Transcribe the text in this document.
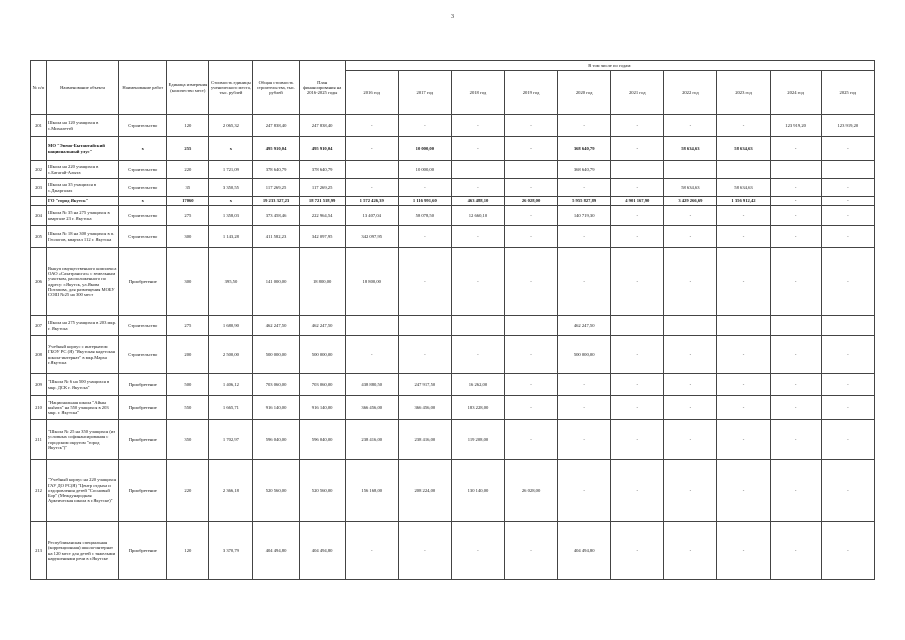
3
№ п/п	Наименование объекта	Наименование работ	Единица измерения (количество мест)	Стоимость единицы ученического места, тыс. рублей	Общая стоимость строительства, тыс. рублей	План финансирования на 2016-2025 годы	В том числе по годам:									
							2016 год	2017 год	2018 год	2019 год	2020 год	2021 год	2022 год	2023 год	2024 год	2025 год
201	Школа на 120 учащихся в с.Михалеттй	Строительство	120	2 065,32	247 838,40	247 838,40	-	-	-	-	-	-	-	-	123 919,20	123 919,20
	МО "Эвено-Бытантайский национальный улус"	x	255	x	495 910,04	495 910,04	-	10 000,00	-	-	368 640,79	-	58 634,63	58 634,63	-	-
202	Школа на 220 учащихся в с.Батагай-Алыта	Строительство	220	1 721,09	378 640,79	378 640,79		10 000,00			368 640,79					
203	Школа на 35 учащихся в с.Джаргалах	Строительство	35	3 350,55	117 269,25	117 269,25	-	-	-	-	-	-	58 634,63	58 634,63	-	-
	ГО "город Якутск"	x	17060	x	19 233 327,23	18 721 518,99	1 572 426,39	1 116 991,60	463 488,10	26 028,00	5 955 827,89	4 901 167,90	3 429 266,69	1 356 912,42	-	-
204	Школа № 35 на 275 учащихся в квартале 23 г. Якутска	Строительство	275	1 358,03	373 458,46	222 964,54	13 407,04	58 078,50	12 660,10	-	140 719,30	-	-	-	-	-
205	Школа № 18 на 300 учащихся в п. Геологов, квартал 112 г. Якутска	Строительство	300	1 143,28	411 582,23	342 097,95	342 097,95	-	-	-	-	-	-	-	-	-
206	Выкуп имущественного комплекса ОАО «Сахатрансгаз» с земельным участком, расположенного по адресу: г.Якутск, ул.Якова Потапова, для размещения МОБУ СОШ №25 на 300 мест	Приобретение	300	395,50	141 000,00	18 800,00	18 800,00	-	-	-	-	-	-	-	-	-
207	Школа на 275 учащихся в 203 мкр. г. Якутска	Строительство	275	1 680,90	462 247,50	462 247,50					462 247,50					
208	Учебный корпус с интернатом ГБОУ РС (Я) "Якутская кадетская школа-интернат" в мкр.Марха г.Якутска	Строительство	200	2 500,00	500 000,00	500 000,00	-	-	-	-	500 000,00	-	-	-	-	-
209	"Школа № 6 на 500 учащихся в мкр. ДСК г. Якутска"	Приобретение	500	1 406,12	703 060,00	703 060,00	438 880,50	247 917,50	16 262,00	-	-	-	-	-	-	-
210	"Национальная школа "Айыы кыhата" на 550 учащихся в 203 мкр. г. Якутска"	Приобретение	550	1 665,71	916 140,00	916 140,00	366 456,00	366 456,00	183 228,00	-	-	-	-	-	-	-
211	"Школа № 25 на 350 учащихся (из условных софинансирования с городским округом "город Якутск")"	Приобретение	350	1 702,97	596 040,00	596 040,00	238 416,00	238 416,00	119 208,00	-	-	-	-	-	-	-
212	"Учебный корпус на 220 учащихся ГАУ ДО РС(Я) "Центр отдыха и оздоровления детей "Сосновый Бор" (Международная Арктическая школа в г.Якутске)"	Приобретение	220	2 366,18	520 560,00	520 560,00	156 168,00	208 224,00	130 140,00	26 028,00	-	-	-	-	-	-
213	Республиканская специальная (коррекционная) школа-интернат на 120 мест для детей с тяжелыми нарушениями речи в г.Якутске	Приобретение	120	3 370,79	404 494,80	404 494,80	-	-	-	-	404 494,80	-	-	-	-	-
